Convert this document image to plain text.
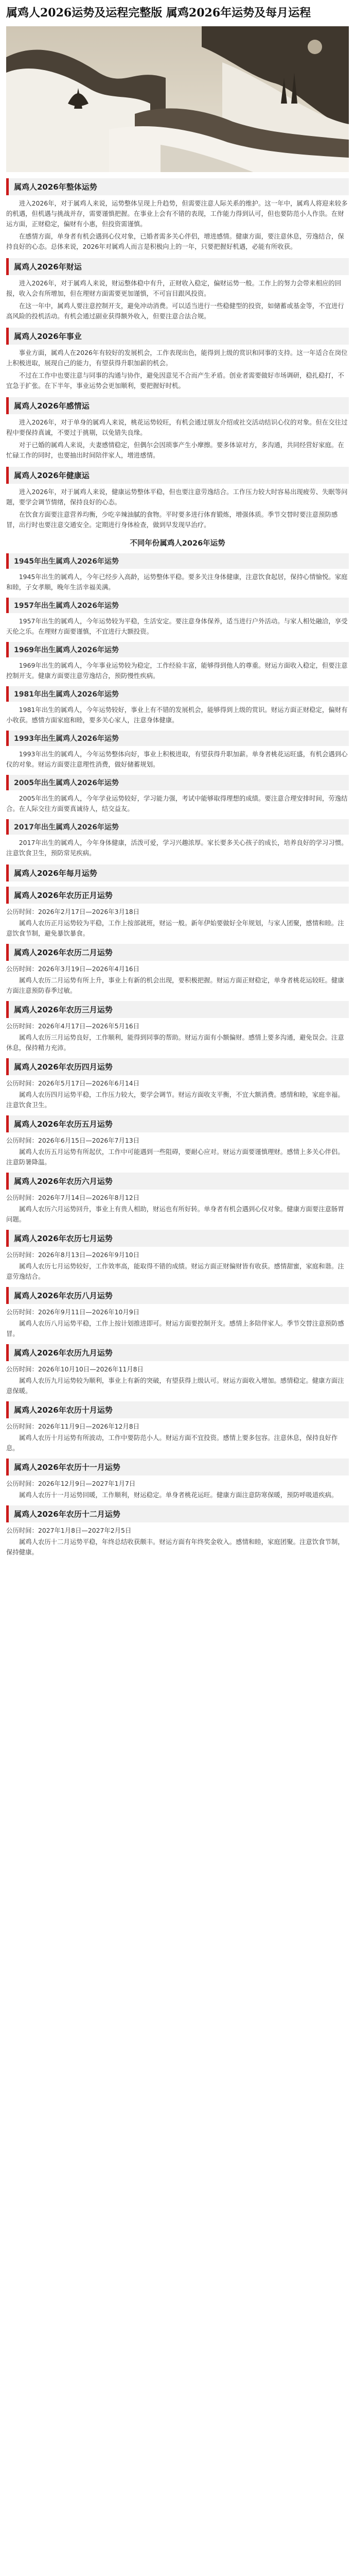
属鸡人2026运势及运程完整版 属鸡2026年运势及每月运程
属鸡人2026年整体运势

进入2026年，对于属鸡人来说，运势整体呈现上升趋势，但需要注意人际关系的维护。这一年中，属鸡人将迎来较多的机遇，但机遇与挑战并存，需要谨慎把握。在事业上会有不错的表现，工作能力得到认可，但也要防范小人作祟。在财运方面，正财稳定，偏财有小惠，但投资需谨慎。

在感情方面，单身者有机会遇到心仪对象，已婚者需多关心伴侣，增进感情。健康方面，要注意休息，劳逸结合，保持良好的心态。总体来说，2026年对属鸡人而言是积极向上的一年，只要把握好机遇，必能有所收获。

属鸡人2026年财运

进入2026年，对于属鸡人来说，财运整体稳中有升，正财收入稳定，偏财运势一般。工作上的努力会带来相应的回报，收入会有所增加，但在理财方面需要更加谨慎，不可盲目跟风投资。

在这一年中，属鸡人要注意控制开支，避免冲动消费。可以适当进行一些稳健型的投资，如储蓄或基金等，不宜进行高风险的投机活动。有机会通过副业获得额外收入，但要注意合法合规。

属鸡人2026年事业

事业方面，属鸡人在2026年有较好的发展机会，工作表现出色，能得到上级的赏识和同事的支持。这一年适合在岗位上积极进取，展现自己的能力，有望获得升职加薪的机会。

不过在工作中也要注意与同事的沟通与协作，避免因意见不合而产生矛盾。创业者需要做好市场调研，稳扎稳打，不宜急于扩张。在下半年，事业运势会更加顺利，要把握好时机。

属鸡人2026年感情运

进入2026年，对于单身的属鸡人来说，桃花运势较旺，有机会通过朋友介绍或社交活动结识心仪的对象。但在交往过程中要保持真诚，不要过于挑剔，以免错失良缘。

对于已婚的属鸡人来说，夫妻感情稳定，但偶尔会因琐事产生小摩擦。要多体谅对方，多沟通，共同经营好家庭。在忙碌工作的同时，也要抽出时间陪伴家人，增进感情。

属鸡人2026年健康运

进入2026年，对于属鸡人来说，健康运势整体平稳，但也要注意劳逸结合。工作压力较大时容易出现疲劳、失眠等问题，要学会调节情绪，保持良好的心态。

在饮食方面要注意营养均衡，少吃辛辣油腻的食物。平时要多进行体育锻炼，增强体质。季节交替时要注意预防感冒，出行时也要注意交通安全。定期进行身体检查，做到早发现早治疗。

不同年份属鸡人2026年运势
1945年出生属鸡人2026年运势

1945年出生的属鸡人，今年已经步入高龄，运势整体平稳。要多关注身体健康，注意饮食起居，保持心情愉悦。家庭和睦，子女孝顺，晚年生活幸福美满。

1957年出生属鸡人2026年运势

1957年出生的属鸡人，今年运势较为平稳，生活安定。要注意身体保养，适当进行户外活动。与家人相处融洽，享受天伦之乐。在理财方面要谨慎，不宜进行大额投资。

1969年出生属鸡人2026年运势

1969年出生的属鸡人，今年事业运势较为稳定，工作经验丰富，能够得到他人的尊重。财运方面收入稳定，但要注意控制开支。健康方面要注意劳逸结合，预防慢性疾病。

1981年出生属鸡人2026年运势

1981年出生的属鸡人，今年运势较好，事业上有不错的发展机会，能够得到上级的赏识。财运方面正财稳定，偏财有小收获。感情方面家庭和睦，要多关心家人，注意身体健康。

1993年出生属鸡人2026年运势

1993年出生的属鸡人，今年运势整体向好，事业上积极进取，有望获得升职加薪。单身者桃花运旺盛，有机会遇到心仪的对象。财运方面要注意理性消费，做好储蓄规划。

2005年出生属鸡人2026年运势

2005年出生的属鸡人，今年学业运势较好，学习能力强，考试中能够取得理想的成绩。要注意合理安排时间，劳逸结合。在人际交往方面要真诚待人，结交益友。

2017年出生属鸡人2026年运势

2017年出生的属鸡人，今年身体健康，活泼可爱，学习兴趣浓厚。家长要多关心孩子的成长，培养良好的学习习惯。注意饮食卫生，预防常见疾病。

属鸡人2026年每月运势
属鸡人2026年农历正月运势
公历时间：2026年2月17日—2026年3月18日

属鸡人农历正月运势较为平稳，工作上按部就班，财运一般。新年伊始要做好全年规划，与家人团聚，感情和睦。注意饮食节制，避免暴饮暴食。

属鸡人2026年农历二月运势
公历时间：2026年3月19日—2026年4月16日

属鸡人农历二月运势有所上升，事业上有新的机会出现，要积极把握。财运方面正财稳定，单身者桃花运较旺。健康方面注意预防春季过敏。

属鸡人2026年农历三月运势
公历时间：2026年4月17日—2026年5月16日

属鸡人农历三月运势良好，工作顺利，能得到同事的帮助。财运方面有小额偏财。感情上要多沟通，避免误会。注意休息，保持精力充沛。

属鸡人2026年农历四月运势
公历时间：2026年5月17日—2026年6月14日

属鸡人农历四月运势平稳，工作压力较大，要学会调节。财运方面收支平衡，不宜大额消费。感情和睦，家庭幸福。注意饮食卫生。

属鸡人2026年农历五月运势
公历时间：2026年6月15日—2026年7月13日

属鸡人农历五月运势有所起伏，工作中可能遇到一些阻碍，要耐心应对。财运方面要谨慎理财。感情上多关心伴侣。注意防暑降温。

属鸡人2026年农历六月运势
公历时间：2026年7月14日—2026年8月12日

属鸡人农历六月运势回升，事业上有贵人相助，财运也有所好转。单身者有机会遇到心仪对象。健康方面要注意肠胃问题。

属鸡人2026年农历七月运势
公历时间：2026年8月13日—2026年9月10日

属鸡人农历七月运势较好，工作效率高，能取得不错的成绩。财运方面正财偏财皆有收获。感情甜蜜，家庭和谐。注意劳逸结合。

属鸡人2026年农历八月运势
公历时间：2026年9月11日—2026年10月9日

属鸡人农历八月运势平稳，工作上按计划推进即可。财运方面要控制开支。感情上多陪伴家人。季节交替注意预防感冒。

属鸡人2026年农历九月运势
公历时间：2026年10月10日—2026年11月8日

属鸡人农历九月运势较为顺利，事业上有新的突破，有望获得上级认可。财运方面收入增加。感情稳定。健康方面注意保暖。

属鸡人2026年农历十月运势
公历时间：2026年11月9日—2026年12月8日

属鸡人农历十月运势有所波动，工作中要防范小人。财运方面不宜投资。感情上要多包容。注意休息，保持良好作息。

属鸡人2026年农历十一月运势
公历时间：2026年12月9日—2027年1月7日

属鸡人农历十一月运势回暖，工作顺利，财运稳定。单身者桃花运旺。健康方面注意防寒保暖，预防呼吸道疾病。

属鸡人2026年农历十二月运势
公历时间：2027年1月8日—2027年2月5日

属鸡人农历十二月运势平稳，年终总结收获颇丰。财运方面有年终奖金收入。感情和睦，家庭团聚。注意饮食节制，保持健康。
